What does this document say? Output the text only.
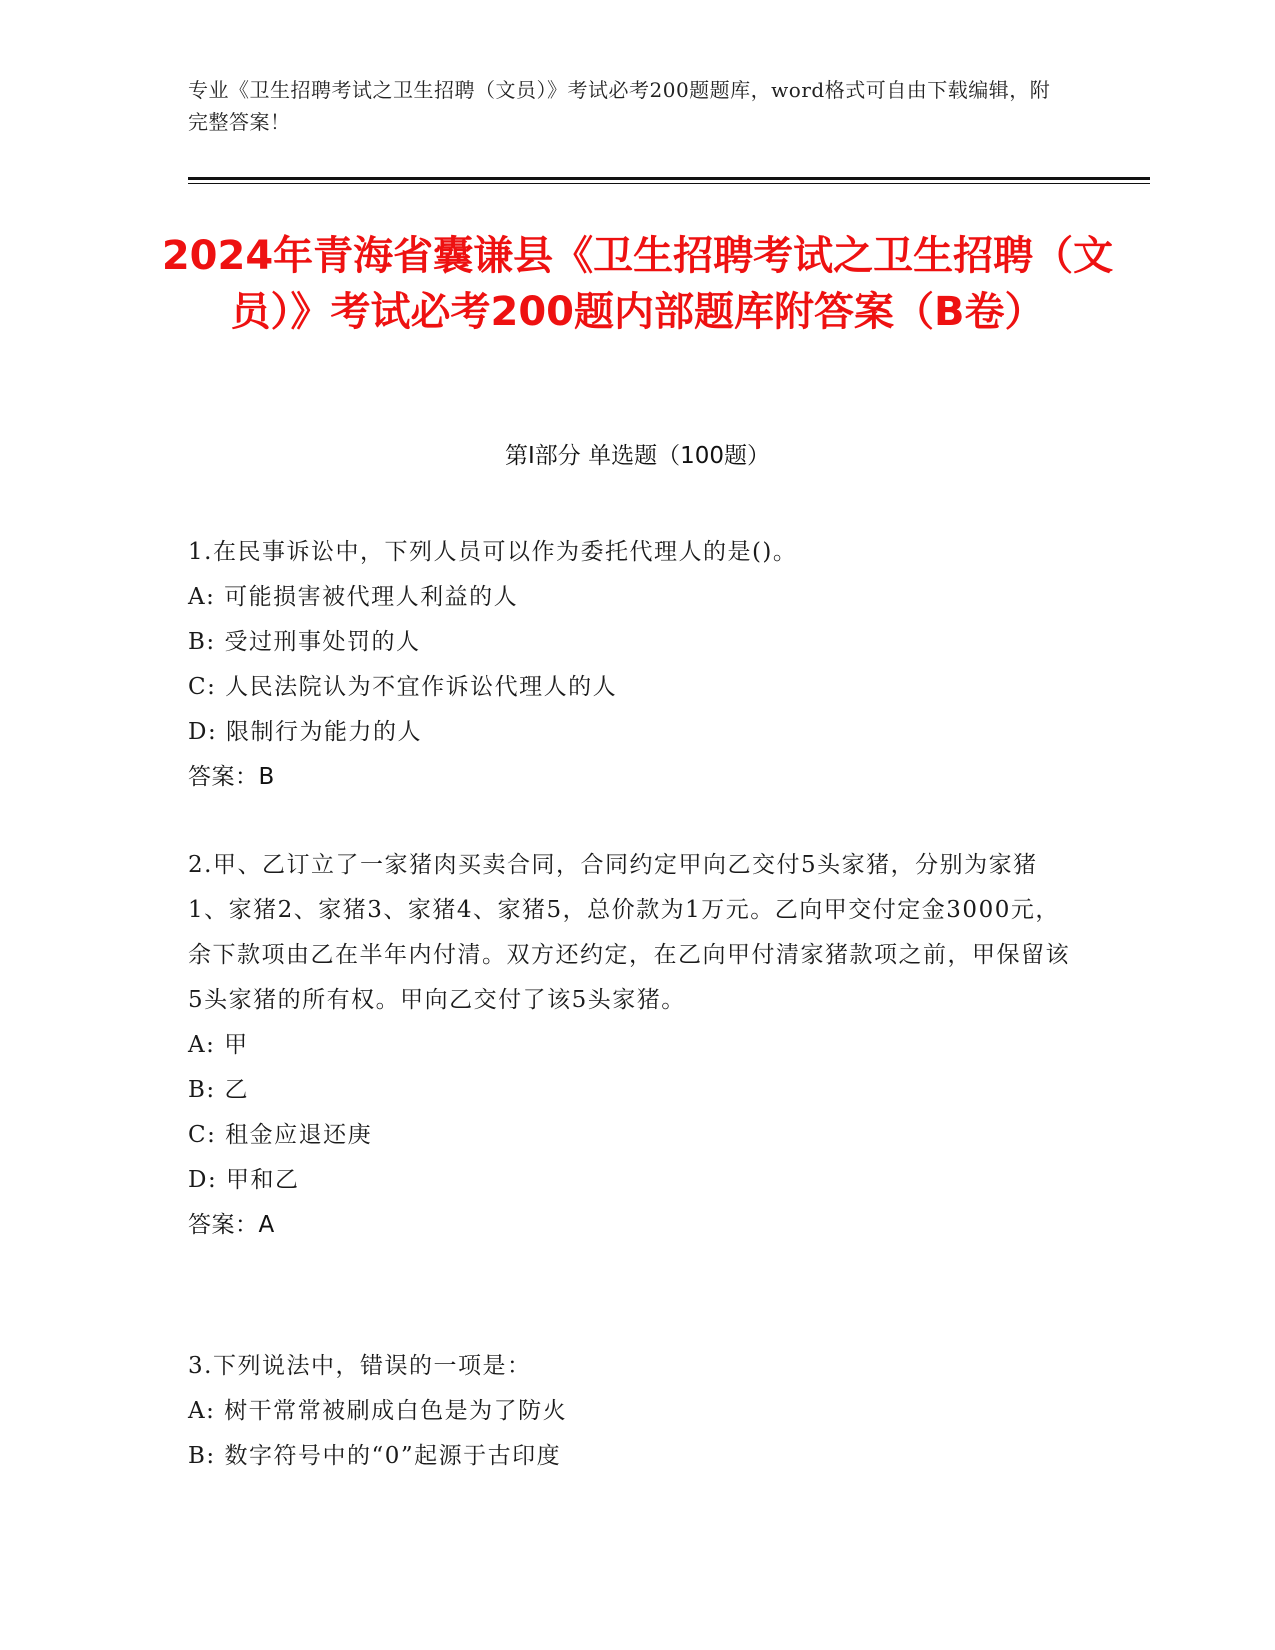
专业《卫生招聘考试之卫生招聘（文员）》考试必考200题题库，word格式可自由下载编辑，附完整答案！
2024年青海省囊谦县《卫生招聘考试之卫生招聘（文员）》考试必考200题内部题库附答案（B卷）
第Ⅰ部分 单选题（100题）
1.在民事诉讼中，下列人员可以作为委托代理人的是()。
A: 可能损害被代理人利益的人
B: 受过刑事处罚的人
C: 人民法院认为不宜作诉讼代理人的人
D: 限制行为能力的人
答案：B
2.甲、乙订立了一家猪肉买卖合同，合同约定甲向乙交付5头家猪，分别为家猪1、家猪2、家猪3、家猪4、家猪5，总价款为1万元。乙向甲交付定金3000元，余下款项由乙在半年内付清。双方还约定，在乙向甲付清家猪款项之前，甲保留该5头家猪的所有权。甲向乙交付了该5头家猪。
A: 甲
B: 乙
C: 租金应退还庚
D: 甲和乙
答案：A
3.下列说法中，错误的一项是：
A: 树干常常被刷成白色是为了防火
B: 数字符号中的“0”起源于古印度
